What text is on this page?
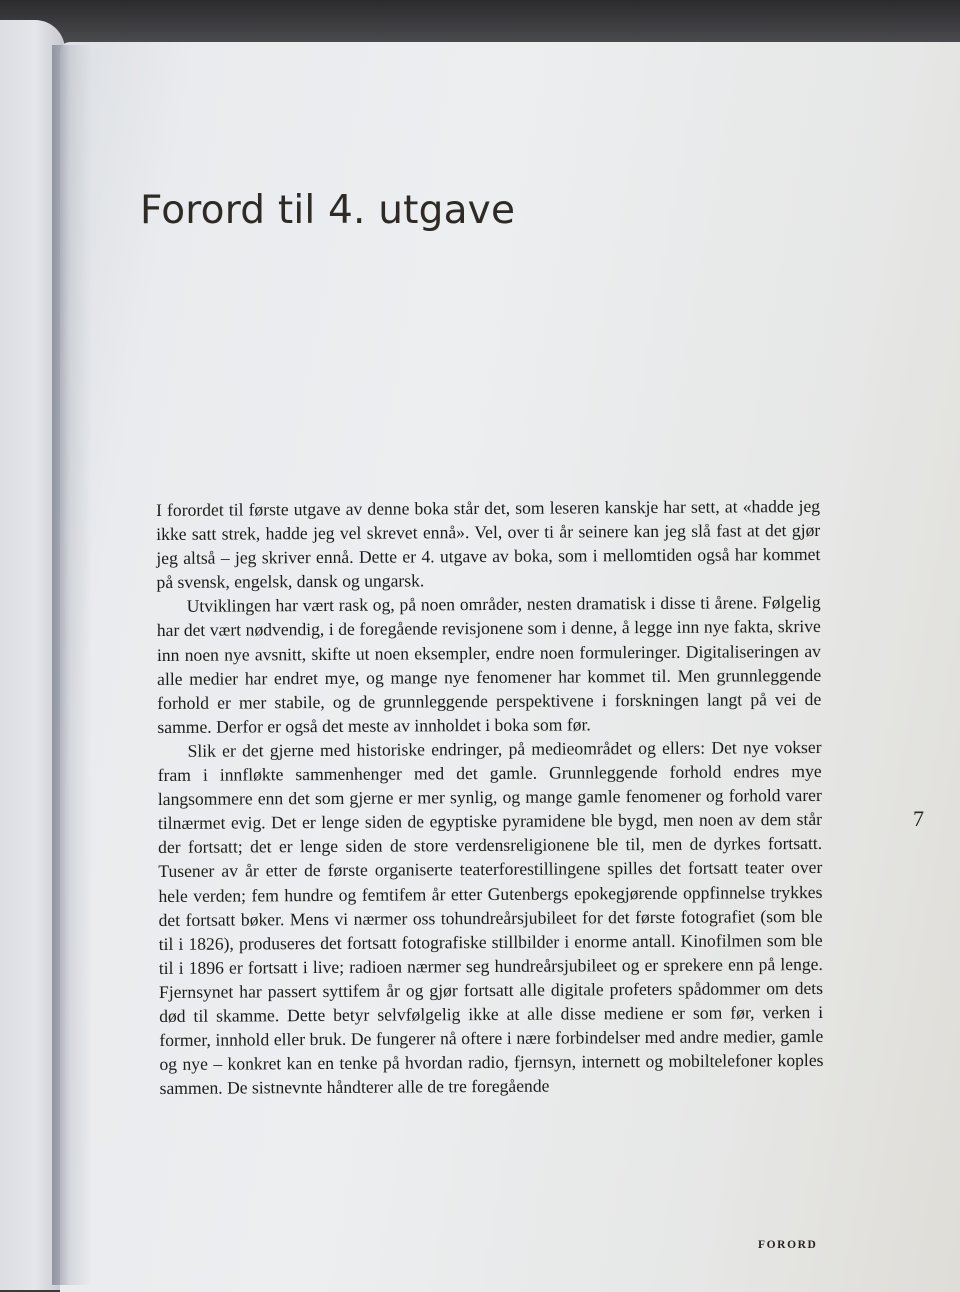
Forord til 4. utgave

I forordet til første utgave av denne boka står det, som leseren kanskje har sett, at «hadde jeg ikke satt strek, hadde jeg vel skrevet ennå». Vel, over ti år seinere kan jeg slå fast at det gjør jeg altså – jeg skriver ennå. Dette er 4. utgave av boka, som i mellomtiden også har kommet på svensk, engelsk, dansk og ungarsk.

Utviklingen har vært rask og, på noen områder, nesten dramatisk i disse ti årene. Følgelig har det vært nødvendig, i de foregående revisjonene som i denne, å legge inn nye fakta, skrive inn noen nye avsnitt, skifte ut noen eksempler, endre noen formuleringer. Digitaliseringen av alle medier har endret mye, og mange nye fenomener har kommet til. Men grunnleggende forhold er mer stabile, og de grunnleggende perspektivene i forskningen langt på vei de samme. Derfor er også det meste av innholdet i boka som før.

Slik er det gjerne med historiske endringer, på medieområdet og ellers: Det nye vokser fram i innfløkte sammenhenger med det gamle. Grunnleggende forhold endres mye langsommere enn det som gjerne er mer synlig, og mange gamle fenomener og forhold varer tilnærmet evig. Det er lenge siden de egyptiske pyramidene ble bygd, men noen av dem står der fortsatt; det er lenge siden de store verdensreligionene ble til, men de dyrkes fortsatt. Tusener av år etter de første organiserte teaterforestillingene spilles det fortsatt teater over hele verden; fem hundre og femtifem år etter Gutenbergs epokegjørende oppfinnelse trykkes det fortsatt bøker. Mens vi nærmer oss tohundreårsjubileet for det første fotografiet (som ble til i 1826), produseres det fortsatt fotografiske stillbilder i enorme antall. Kinofilmen som ble til i 1896 er fortsatt i live; radioen nærmer seg hundreårsjubileet og er sprekere enn på lenge. Fjernsynet har passert syttifem år og gjør fortsatt alle digitale profeters spådommer om dets død til skamme. Dette betyr selvfølgelig ikke at alle disse mediene er som før, verken i former, innhold eller bruk. De fungerer nå oftere i nære forbindelser med andre medier, gamle og nye – konkret kan en tenke på hvordan radio, fjernsyn, internett og mobiltelefoner koples sammen. De sistnevnte håndterer alle de tre foregående

7
FORORD
